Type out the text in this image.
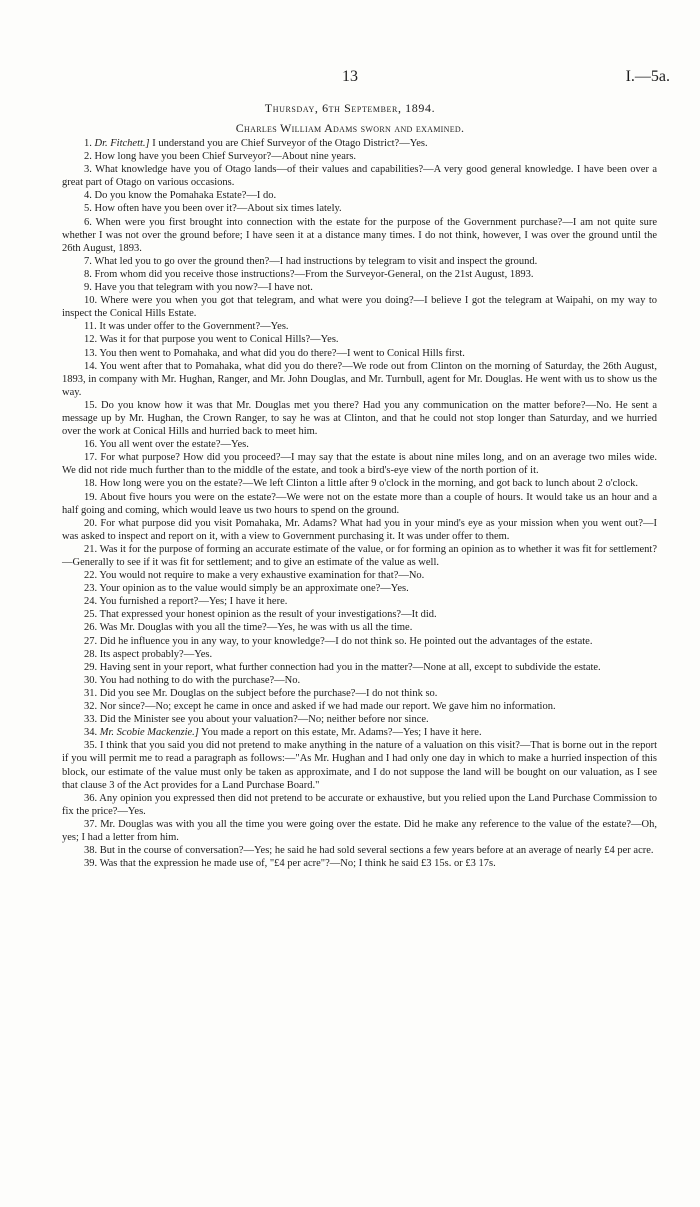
13	I.—5a.
Thursday, 6th September, 1894.
Charles William Adams sworn and examined.

1. Dr. Fitchett.] I understand you are Chief Surveyor of the Otago District?—Yes.

2. How long have you been Chief Surveyor?—About nine years.

3. What knowledge have you of Otago lands—of their values and capabilities?—A very good general knowledge. I have been over a great part of Otago on various occasions.

4. Do you know the Pomahaka Estate?—I do.

5. How often have you been over it?—About six times lately.

6. When were you first brought into connection with the estate for the purpose of the Government purchase?—I am not quite sure whether I was not over the ground before; I have seen it at a distance many times. I do not think, however, I was over the ground until the 26th August, 1893.

7. What led you to go over the ground then?—I had instructions by telegram to visit and inspect the ground.

8. From whom did you receive those instructions?—From the Surveyor-General, on the 21st August, 1893.

9. Have you that telegram with you now?—I have not.

10. Where were you when you got that telegram, and what were you doing?—I believe I got the telegram at Waipahi, on my way to inspect the Conical Hills Estate.

11. It was under offer to the Government?—Yes.

12. Was it for that purpose you went to Conical Hills?—Yes.

13. You then went to Pomahaka, and what did you do there?—I went to Conical Hills first.

14. You went after that to Pomahaka, what did you do there?—We rode out from Clinton on the morning of Saturday, the 26th August, 1893, in company with Mr. Hughan, Ranger, and Mr. John Douglas, and Mr. Turnbull, agent for Mr. Douglas. He went with us to show us the way.

15. Do you know how it was that Mr. Douglas met you there? Had you any communication on the matter before?—No. He sent a message up by Mr. Hughan, the Crown Ranger, to say he was at Clinton, and that he could not stop longer than Saturday, and we hurried over the work at Conical Hills and hurried back to meet him.

16. You all went over the estate?—Yes.

17. For what purpose? How did you proceed?—I may say that the estate is about nine miles long, and on an average two miles wide. We did not ride much further than to the middle of the estate, and took a bird's-eye view of the north portion of it.

18. How long were you on the estate?—We left Clinton a little after 9 o'clock in the morning, and got back to lunch about 2 o'clock.

19. About five hours you were on the estate?—We were not on the estate more than a couple of hours. It would take us an hour and a half going and coming, which would leave us two hours to spend on the ground.

20. For what purpose did you visit Pomahaka, Mr. Adams? What had you in your mind's eye as your mission when you went out?—I was asked to inspect and report on it, with a view to Government purchasing it. It was under offer to them.

21. Was it for the purpose of forming an accurate estimate of the value, or for forming an opinion as to whether it was fit for settlement?—Generally to see if it was fit for settlement; and to give an estimate of the value as well.

22. You would not require to make a very exhaustive examination for that?—No.

23. Your opinion as to the value would simply be an approximate one?—Yes.

24. You furnished a report?—Yes; I have it here.

25. That expressed your honest opinion as the result of your investigations?—It did.

26. Was Mr. Douglas with you all the time?—Yes, he was with us all the time.

27. Did he influence you in any way, to your knowledge?—I do not think so. He pointed out the advantages of the estate.

28. Its aspect probably?—Yes.

29. Having sent in your report, what further connection had you in the matter?—None at all, except to subdivide the estate.

30. You had nothing to do with the purchase?—No.

31. Did you see Mr. Douglas on the subject before the purchase?—I do not think so.

32. Nor since?—No; except he came in once and asked if we had made our report. We gave him no information.

33. Did the Minister see you about your valuation?—No; neither before nor since.

34. Mr. Scobie Mackenzie.] You made a report on this estate, Mr. Adams?—Yes; I have it here.

35. I think that you said you did not pretend to make anything in the nature of a valuation on this visit?—That is borne out in the report if you will permit me to read a paragraph as follows:—"As Mr. Hughan and I had only one day in which to make a hurried inspection of this block, our estimate of the value must only be taken as approximate, and I do not suppose the land will be bought on our valuation, as I see that clause 3 of the Act provides for a Land Purchase Board."

36. Any opinion you expressed then did not pretend to be accurate or exhaustive, but you relied upon the Land Purchase Commission to fix the price?—Yes.

37. Mr. Douglas was with you all the time you were going over the estate. Did he make any reference to the value of the estate?—Oh, yes; I had a letter from him.

38. But in the course of conversation?—Yes; he said he had sold several sections a few years before at an average of nearly £4 per acre.

39. Was that the expression he made use of, "£4 per acre"?—No; I think he said £3 15s. or £3 17s.
